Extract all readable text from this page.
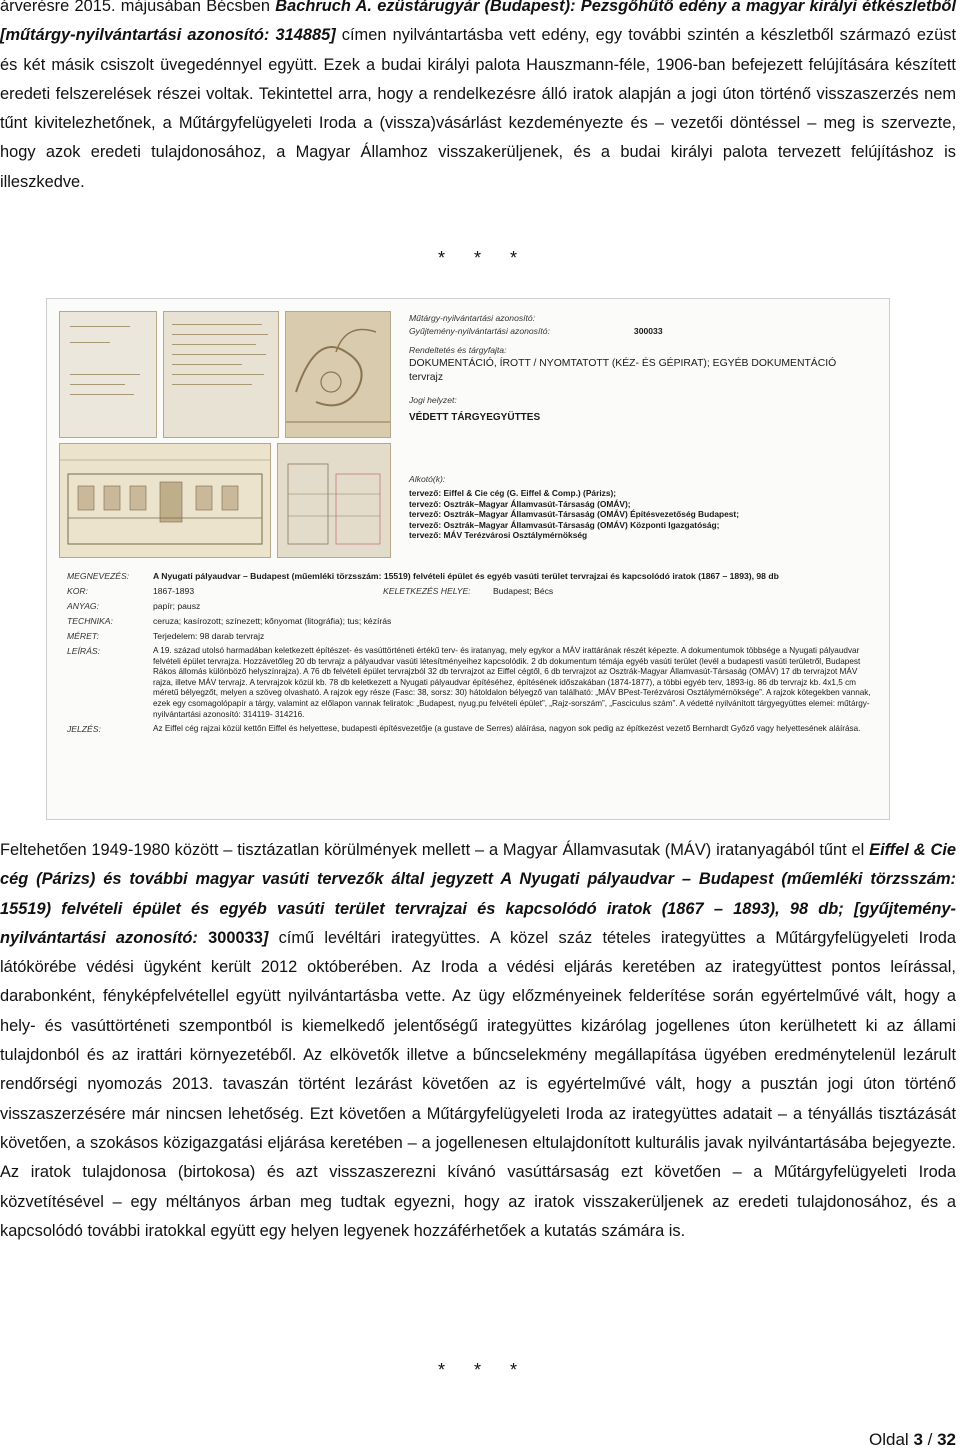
árverésre 2015. májusában Bécsben Bachruch A. ezüstárugyár (Budapest): Pezsgőhűtő edény a magyar királyi étkészletből [műtárgy-nyilvántartási azonosító: 314885] címen nyilvántartásba vett edény, egy további szintén a készletből származó ezüst és két másik csiszolt üvegedénnyel együtt. Ezek a budai királyi palota Hauszmann-féle, 1906-ban befejezett felújítására készített eredeti felszerelések részei voltak. Tekintettel arra, hogy a rendelkezésre álló iratok alapján a jogi úton történő visszaszerzés nem tűnt kivitelezhetőnek, a Műtárgyfelügyeleti Iroda a (vissza)vásárlást kezdeményezte és – vezetői döntéssel – meg is szervezte, hogy azok eredeti tulajdonosához, a Magyar Államhoz visszakerüljenek, és a budai királyi palota tervezett felújításhoz is illeszkedve.

* * *
Műtárgy-nyilvántartási azonosító:
Gyűjtemény-nyilvántartási azonosító:	300033
Rendeltetés és tárgyfajta:
DOKUMENTÁCIÓ, ÍROTT / NYOMTATOTT (KÉZ- ÉS GÉPIRAT); EGYÉB DOKUMENTÁCIÓ
tervrajz
Jogi helyzet:
VÉDETT TÁRGYEGYÜTTES
Alkotó(k):
tervező: Eiffel & Cie cég (G. Eiffel & Comp.) (Párizs);
tervező: Osztrák–Magyar Államvasút-Társaság (OMÁV);
tervező: Osztrák–Magyar Államvasút-Társaság (OMÁV) Építésvezetőség Budapest;
tervező: Osztrák–Magyar Államvasút-Társaság (OMÁV) Központi Igazgatóság;
tervező: MÁV Terézvárosi Osztálymérnökség
MEGNEVEZÉS:	A Nyugati pályaudvar – Budapest (műemléki törzsszám: 15519) felvételi épület és egyéb vasúti terület tervrajzai és kapcsolódó iratok (1867 – 1893), 98 db
KOR:	1867-1893	KELETKEZÉS HELYE:	Budapest; Bécs
ANYAG:	papír; pausz
TECHNIKA:	ceruza; kasírozott; színezett; kőnyomat (litográfia); tus; kézírás
MÉRET:	Terjedelem: 98 darab tervrajz
LEÍRÁS:	A 19. század utolsó harmadában keletkezett építészet- és vasúttörténeti értékű terv- és iratanyag, mely egykor a MÁV irattárának részét képezte. A dokumentumok többsége a Nyugati pályaudvar felvételi épület tervrajza. Hozzávetőleg 20 db tervrajz a pályaudvar vasúti létesítményeihez kapcsolódik. 2 db dokumentum témája egyéb vasúti terület (levél a budapesti vasúti területről, Budapest Rákos állomás különböző helyszínrajza). A 76 db felvételi épület tervrajzból 32 db tervrajzot az Eiffel cégtől, 6 db tervrajzot az Osztrák-Magyar Államvasút-Társaság (OMÁV) 17 db tervrajzot MÁV rajza, illetve MÁV tervrajz. A tervrajzok közül kb. 78 db keletkezett a Nyugati pályaudvar építéséhez, építésének időszakában (1874-1877), a többi egyéb terv, 1893-ig. 86 db tervrajz kb. 4x1,5 cm méretű bélyegzőt, melyen a szöveg olvasható. A rajzok egy része (Fasc: 38, sorsz: 30) hátoldalon bélyegző van található: „MÁV BPest-Terézvárosi Osztálymérnöksége”. A rajzok kötegekben vannak, ezek egy csomagolópapír a tárgy, valamint az előlapon vannak feliratok: „Budapest, nyug.pu felvételi épület”, „Rajz-sorszám”, „Fasciculus szám”. A védetté nyilvánított tárgyegyüttes elemei: műtárgy-nyilvántartási azonosító: 314119- 314216.
JELZÉS:	Az Eiffel cég rajzai közül kettőn Eiffel és helyettese, budapesti építésvezetője (a gustave de Serres) aláírása, nagyon sok pedig az építkezést vezető Bernhardt Győző vagy helyettesének aláírása.

Feltehetően 1949-1980 között – tisztázatlan körülmények mellett – a Magyar Államvasutak (MÁV) iratanyagából tűnt el Eiffel & Cie cég (Párizs) és további magyar vasúti tervezők által jegyzett A Nyugati pályaudvar – Budapest (műemléki törzsszám: 15519) felvételi épület és egyéb vasúti terület tervrajzai és kapcsolódó iratok (1867 – 1893), 98 db; [gyűjtemény-nyilvántartási azonosító: 300033] című levéltári irategyüttes. A közel száz tételes irategyüttes a Műtárgyfelügyeleti Iroda látókörébe védési ügyként került 2012 októberében. Az Iroda a védési eljárás keretében az irategyüttest pontos leírással, darabonként, fényképfelvétellel együtt nyilvántartásba vette. Az ügy előzményeinek felderítése során egyértelművé vált, hogy a hely- és vasúttörténeti szempontból is kiemelkedő jelentőségű irategyüttes kizárólag jogellenes úton kerülhetett ki az állami tulajdonból és az irattári környezetéből. Az elkövetők illetve a bűncselekmény megállapítása ügyében eredménytelenül lezárult rendőrségi nyomozás 2013. tavaszán történt lezárást követően az is egyértelművé vált, hogy a pusztán jogi úton történő visszaszerzésére már nincsen lehetőség. Ezt követően a Műtárgyfelügyeleti Iroda az irategyüttes adatait – a tényállás tisztázását követően, a szokásos közigazgatási eljárása keretében – a jogellenesen eltulajdonított kulturális javak nyilvántartásába bejegyezte. Az iratok tulajdonosa (birtokosa) és azt visszaszerezni kívánó vasúttársaság ezt követően – a Műtárgyfelügyeleti Iroda közvetítésével – egy méltányos árban meg tudtak egyezni, hogy az iratok visszakerüljenek az eredeti tulajdonosához, és a kapcsolódó további iratokkal együtt egy helyen legyenek hozzáférhetőek a kutatás számára is.

* * *
Oldal 3 / 32
